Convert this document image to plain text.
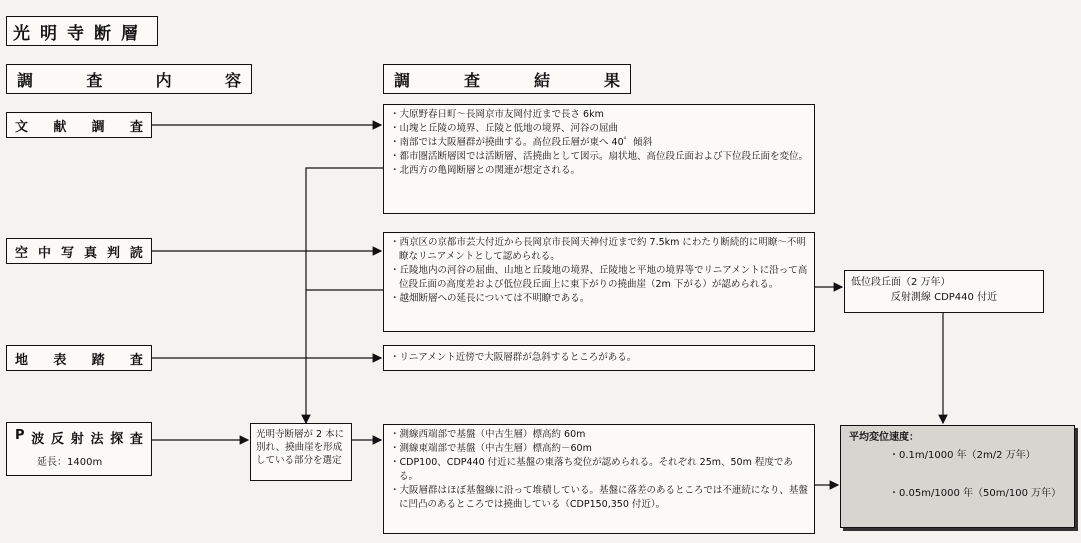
光明寺断層
調	査	内	容	調	査	結	果
文 献 調 査
空 中 写 真 判 読
地 表 踏 査
P 波 反 射 法 探 査
延長：1400m
・大原野春日町～長岡京市友岡付近まで長さ 6km
・山塊と丘陵の境界、丘陵と低地の境界、河谷の屈曲
・南部では大阪層群が撓曲する。高位段丘層が東へ 40゜傾斜
・都市圏活断層図では活断層、活撓曲として図示。扇状地、高位段丘面および下位段丘面を変位。
・北西方の亀岡断層との関連が想定される。
・西京区の京都市芸大付近から長岡京市長岡天神付近まで約 7.5km にわたり断続的に明瞭～不明瞭なリニアメントとして認められる。
・丘陵地内の河谷の屈曲、山地と丘陵地の境界、丘陵地と平地の境界等でリニアメントに沿って高位段丘面の高度差および低位段丘面上に東下がりの撓曲崖（2m 下がる）が認められる。
・越畑断層への延長については不明瞭である。
・リニアメント近傍で大阪層群が急斜するところがある。
・測線西端部で基盤（中古生層）標高約 60m
・測線東端部で基盤（中古生層）標高約－60m
・CDP100、CDP440 付近に基盤の東落ち変位が認められる。それぞれ 25m、50m 程度である。
・大阪層群はほぼ基盤線に沿って堆積している。基盤に落差のあるところでは不連続になり、基盤に凹凸のあるところでは撓曲している（CDP150,350 付近）。
光明寺断層が 2 本に別れ、撓曲崖を形成している部分を選定
低位段丘面（2 万年）
反射測線 CDP440 付近
平均変位速度：
・0.1m/1000 年（2m/2 万年）
・0.05m/1000 年（50m/100 万年）
